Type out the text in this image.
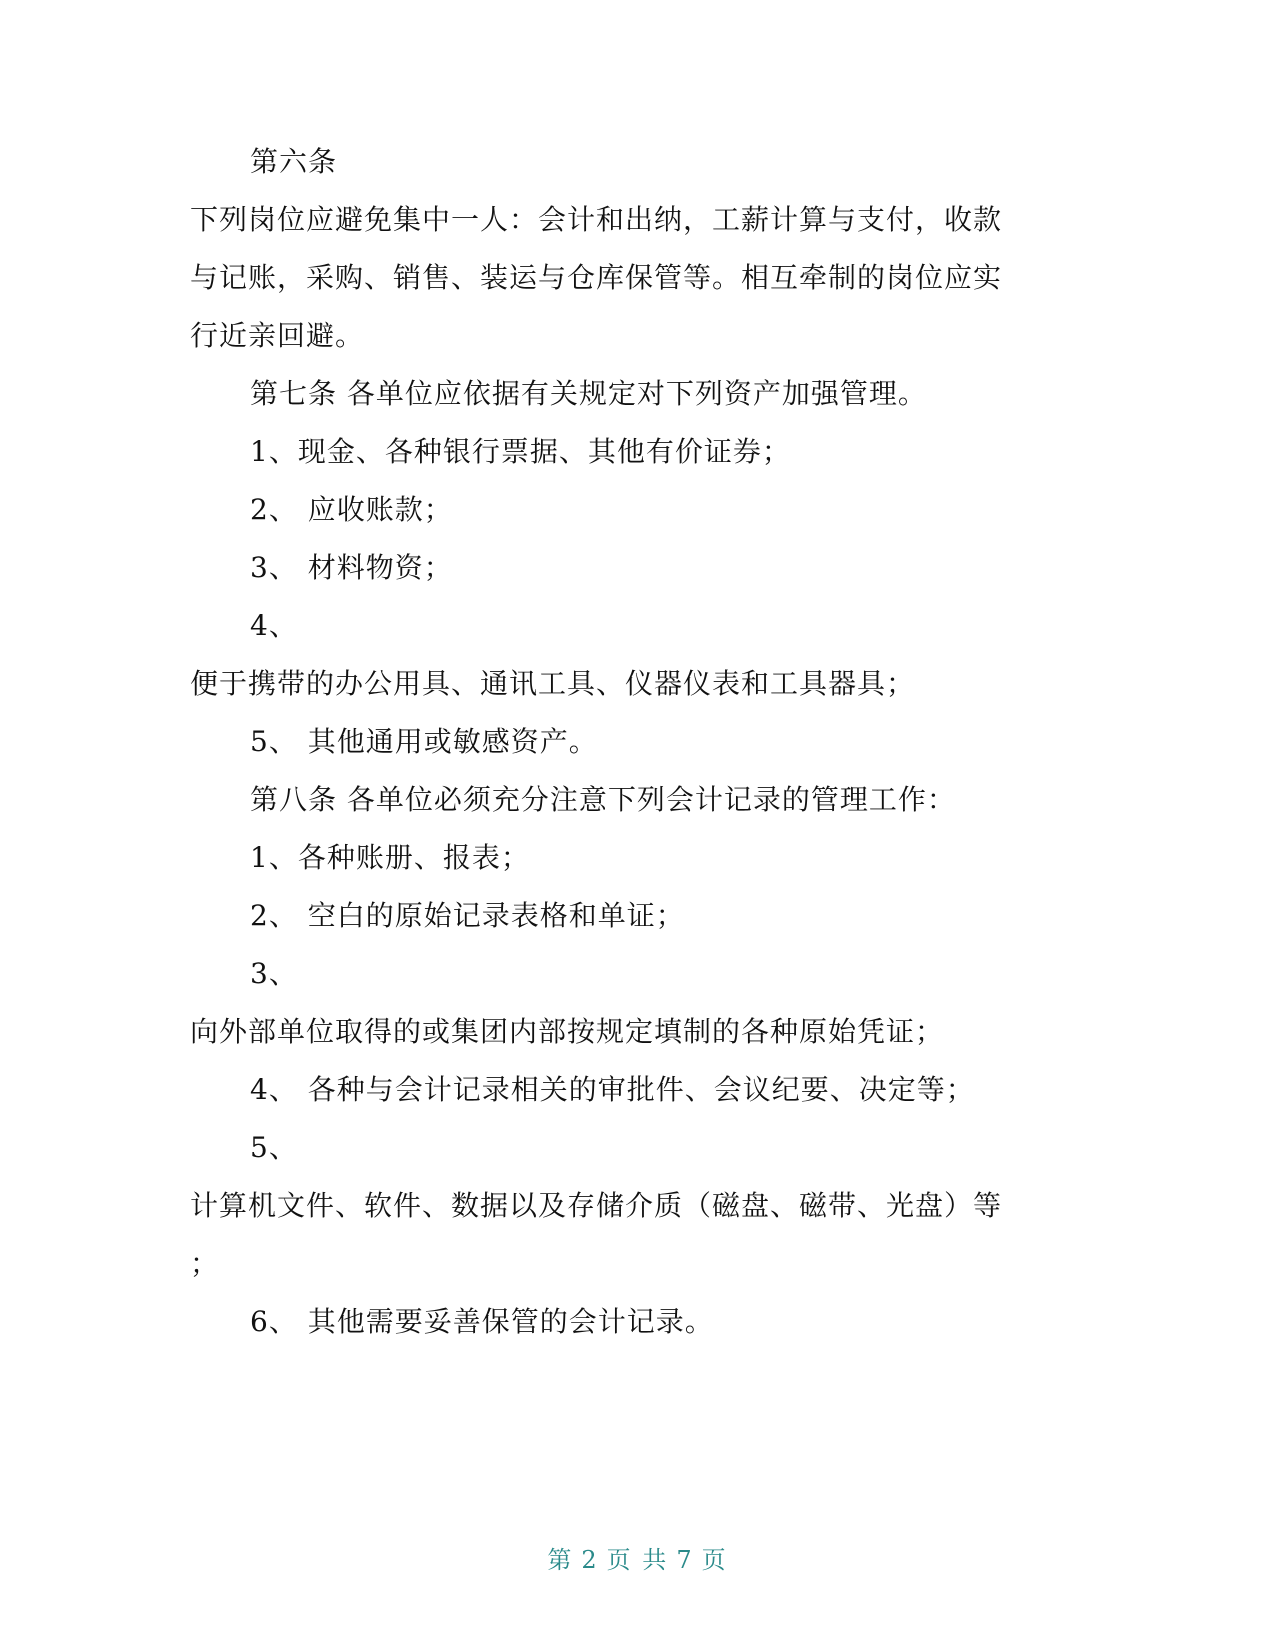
第六条
下列岗位应避免集中一人：会计和出纳，工薪计算与支付，收款
与记账，采购、销售、装运与仓库保管等。相互牵制的岗位应实
行近亲回避。
第七条 各单位应依据有关规定对下列资产加强管理。
1、现金、各种银行票据、其他有价证券；
2、 应收账款；
3、 材料物资；
4、
便于携带的办公用具、通讯工具、仪器仪表和工具器具；
5、 其他通用或敏感资产。
第八条 各单位必须充分注意下列会计记录的管理工作：
1、各种账册、报表；
2、 空白的原始记录表格和单证；
3、
向外部单位取得的或集团内部按规定填制的各种原始凭证；
4、 各种与会计记录相关的审批件、会议纪要、决定等；
5、
计算机文件、软件、数据以及存储介质（磁盘、磁带、光盘）等
；
6、 其他需要妥善保管的会计记录。
第 2 页 共 7 页
